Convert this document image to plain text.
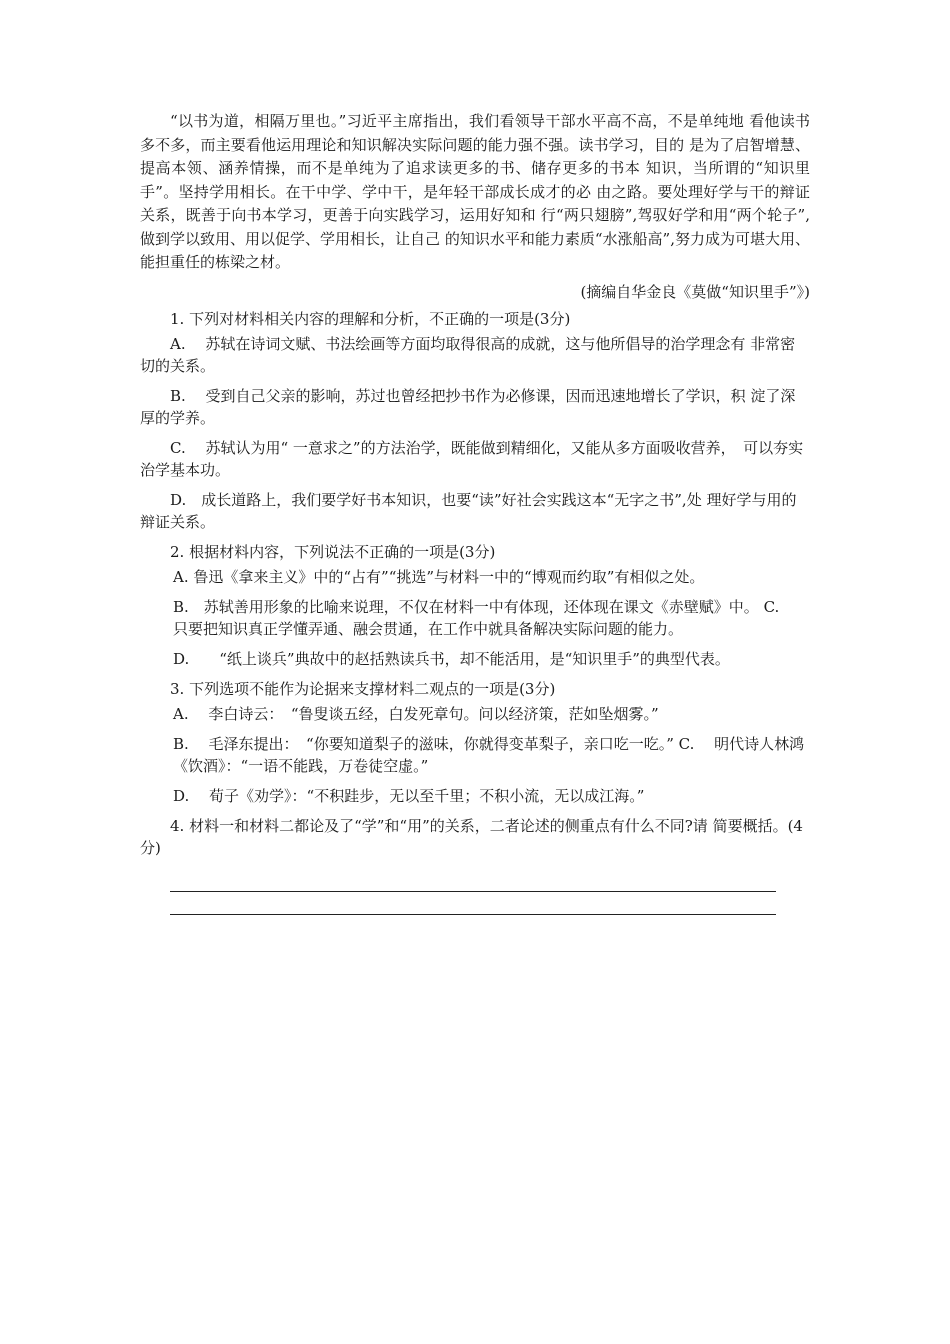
“以书为道，相隔万里也。”习近平主席指出，我们看领导干部水平高不高，不是单纯地 看他读书多不多，而主要看他运用理论和知识解决实际问题的能力强不强。读书学习，目的 是为了启智增慧、提高本领、涵养情操，而不是单纯为了追求读更多的书、储存更多的书本 知识，当所谓的“知识里手”。坚持学用相长。在干中学、学中干，是年轻干部成长成才的必 由之路。要处理好学与干的辩证关系，既善于向书本学习，更善于向实践学习，运用好知和 行“两只翅膀”,驾驭好学和用“两个轮子”,做到学以致用、用以促学、学用相长，让自己 的知识水平和能力素质“水涨船高”,努力成为可堪大用、能担重任的栋梁之材。

(摘编自华金良《莫做“知识里手”》)

1. 下列对材料相关内容的理解和分析，不正确的一项是(3分)

A.　 苏轼在诗词文赋、书法绘画等方面均取得很高的成就，这与他所倡导的治学理念有 非常密切的关系。

B.　 受到自己父亲的影响，苏过也曾经把抄书作为必修课，因而迅速地增长了学识，积 淀了深厚的学养。

C.　 苏轼认为用“ 一意求之”的方法治学，既能做到精细化，又能从多方面吸收营养，　可以夯实治学基本功。

D.　成长道路上，我们要学好书本知识，也要“读”好社会实践这本“无字之书”,处 理好学与用的辩证关系。

2. 根据材料内容，下列说法不正确的一项是(3分)

A. 鲁迅《拿来主义》中的“占有”“挑选”与材料一中的“博观而约取”有相似之处。

B.　苏轼善用形象的比喻来说理，不仅在材料一中有体现，还体现在课文《赤壁赋》中。 C.　 只要把知识真正学懂弄通、融会贯通，在工作中就具备解决实际问题的能力。

D.　　“纸上谈兵”典故中的赵括熟读兵书，却不能活用，是“知识里手”的典型代表。

3. 下列选项不能作为论据来支撑材料二观点的一项是(3分)

A.　 李白诗云：　“鲁叟谈五经，白发死章句。问以经济策，茫如坠烟雾。”

B.　 毛泽东提出：　“你要知道梨子的滋味，你就得变革梨子，亲口吃一吃。” C.　 明代诗人林鸿《饮酒》：“一语不能践，万卷徒空虚。”

D.　 荀子《劝学》：“不积跬步，无以至千里；不积小流，无以成江海。”

4. 材料一和材料二都论及了“学”和“用”的关系，二者论述的侧重点有什么不同?请 简要概括。(4分)
